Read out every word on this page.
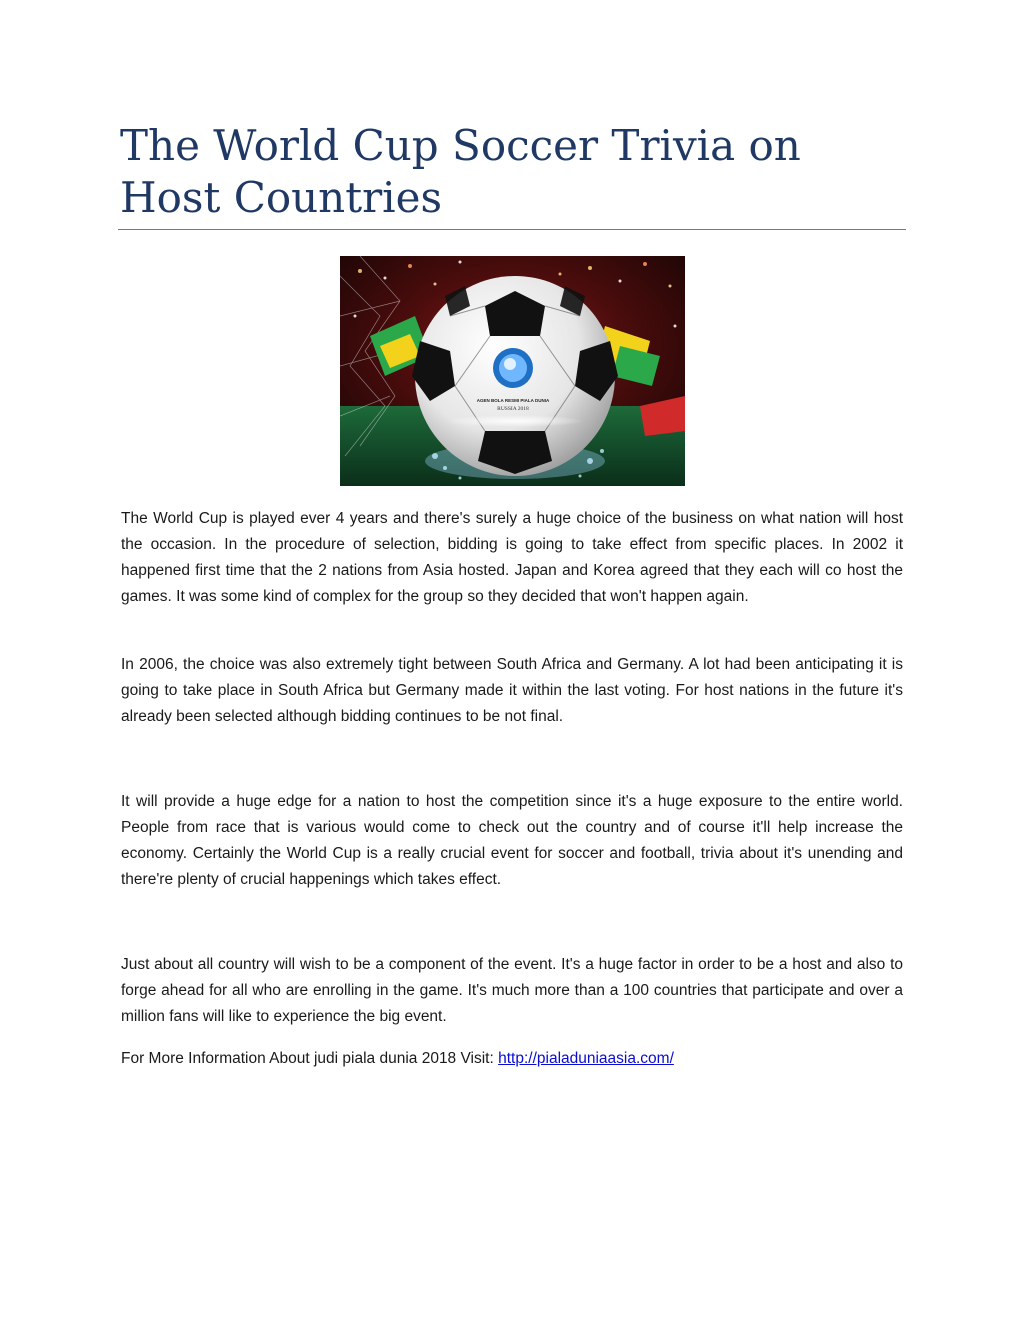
The World Cup Soccer Trivia on Host Countries
AGEN BOLA RESMI PIALA DUNIA
RUSSIA 2018

The World Cup is played ever 4 years and there's surely a huge choice of the business on what nation will host the occasion. In the procedure of selection, bidding is going to take effect from specific places. In 2002 it happened first time that the 2 nations from Asia hosted. Japan and Korea agreed that they each will co host the games. It was some kind of complex for the group so they decided that won't happen again.

In 2006, the choice was also extremely tight between South Africa and Germany. A lot had been anticipating it is going to take place in South Africa but Germany made it within the last voting. For host nations in the future it's already been selected although bidding continues to be not final.

It will provide a huge edge for a nation to host the competition since it's a huge exposure to the entire world. People from race that is various would come to check out the country and of course it'll help increase the economy. Certainly the World Cup is a really crucial event for soccer and football, trivia about it's unending and there're plenty of crucial happenings which takes effect.

Just about all country will wish to be a component of the event. It's a huge factor in order to be a host and also to forge ahead for all who are enrolling in the game. It's much more than a 100 countries that participate and over a million fans will like to experience the big event.

For More Information About judi piala dunia 2018 Visit: http://pialaduniaasia.com/
